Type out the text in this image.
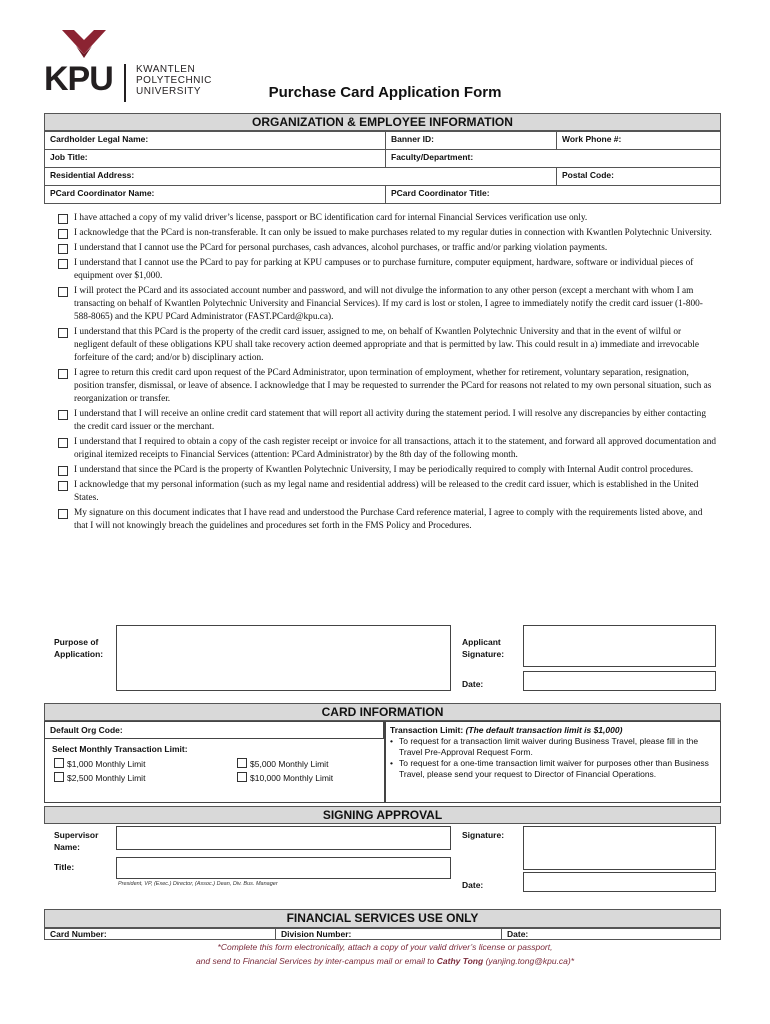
KPU KWANTLEN
POLYTECHNIC
UNIVERSITY	Purchase Card Application Form
ORGANIZATION & EMPLOYEE INFORMATION
Cardholder Legal Name:	Banner ID:	Work Phone #:
Job Title:	Faculty/Department:	
Residential Address:		Postal Code:
PCard Coordinator Name:	PCard Coordinator Title:	
I have attached a copy of my valid driver’s license, passport or BC identification card for internal Financial Services verification use only.
I acknowledge that the PCard is non-transferable. It can only be issued to make purchases related to my regular duties in connection with Kwantlen Polytechnic University.
I understand that I cannot use the PCard for personal purchases, cash advances, alcohol purchases, or traffic and/or parking violation payments.
I understand that I cannot use the PCard to pay for parking at KPU campuses or to purchase furniture, computer equipment, hardware, software or individual pieces of equipment over $1,000.
I will protect the PCard and its associated account number and password, and will not divulge the information to any other person (except a merchant with whom I am transacting on behalf of Kwantlen Polytechnic University and Financial Services). If my card is lost or stolen, I agree to immediately notify the credit card issuer (1-800-588-8065) and the KPU PCard Administrator (FAST.PCard@kpu.ca).
I understand that this PCard is the property of the credit card issuer, assigned to me, on behalf of Kwantlen Polytechnic University and that in the event of wilful or negligent default of these obligations KPU shall take recovery action deemed appropriate and that is permitted by law. This could result in a) immediate and irrevocable forfeiture of the card; and/or b) disciplinary action.
I agree to return this credit card upon request of the PCard Administrator, upon termination of employment, whether for retirement, voluntary separation, resignation, position transfer, dismissal, or leave of absence. I acknowledge that I may be requested to surrender the PCard for reasons not related to my own personal situation, such as reorganization or transfer.
I understand that I will receive an online credit card statement that will report all activity during the statement period. I will resolve any discrepancies by either contacting the credit card issuer or the merchant.
I understand that I required to obtain a copy of the cash register receipt or invoice for all transactions, attach it to the statement, and forward all approved documentation and original itemized receipts to Financial Services (attention: PCard Administrator) by the 8th day of the following month.
I understand that since the PCard is the property of Kwantlen Polytechnic University, I may be periodically required to comply with Internal Audit control procedures.
I acknowledge that my personal information (such as my legal name and residential address) will be released to the credit card issuer, which is established in the United States.
My signature on this document indicates that I have read and understood the Purchase Card reference material, I agree to comply with the requirements listed above, and that I will not knowingly breach the guidelines and procedures set forth in the FMS Policy and Procedures.
Purpose of Application:
Applicant Signature:
Date:
CARD INFORMATION
Default Org Code:
Select Monthly Transaction Limit:
$1,000 Monthly Limit
$2,500 Monthly Limit
$5,000 Monthly Limit
$10,000 Monthly Limit
Transaction Limit: (The default transaction limit is $1,000)
• To request for a transaction limit waiver during Business Travel, please fill in the Travel Pre-Approval Request Form.
• To request for a one-time transaction limit waiver for purposes other than Business Travel, please send your request to Director of Financial Operations.
SIGNING APPROVAL
Supervisor Name:
Signature:
Title:
President, VP, (Exec.) Director, (Assoc.) Dean, Div. Bus. Manager	Date:
FINANCIAL SERVICES USE ONLY
Card Number:	Division Number:	Date:
*Complete this form electronically, attach a copy of your valid driver’s license or passport,
and send to Financial Services by inter-campus mail or email to Cathy Tong (yanjing.tong@kpu.ca)*
